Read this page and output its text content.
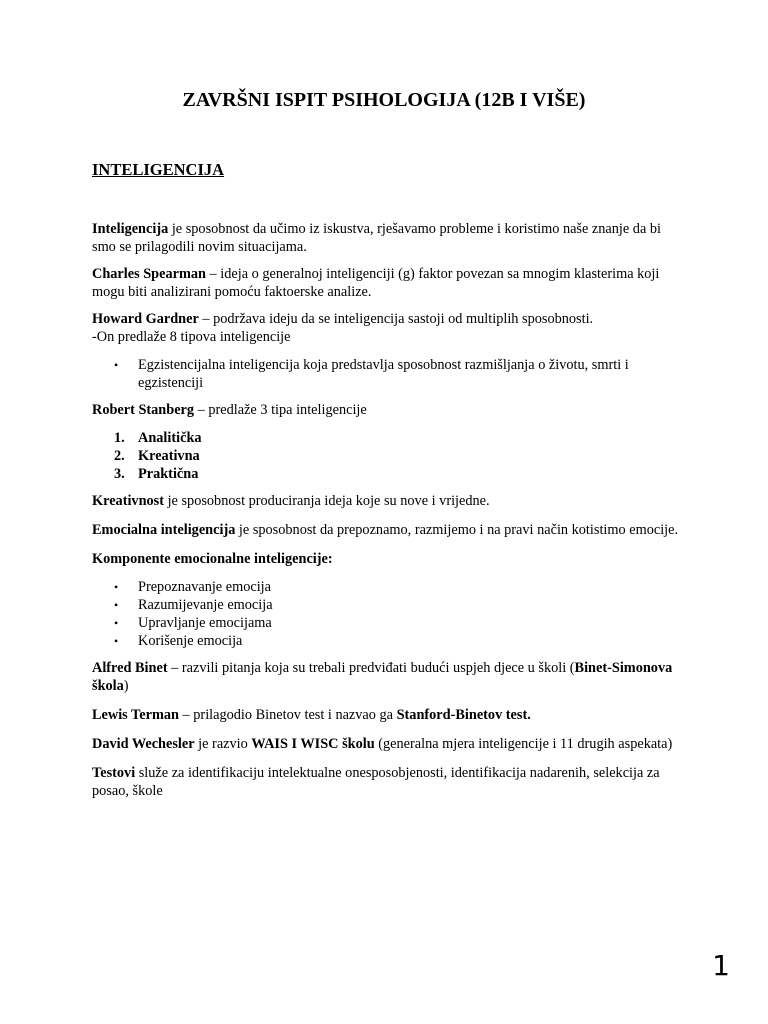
ZAVRŠNI ISPIT PSIHOLOGIJA (12B I VIŠE)
INTELIGENCIJA

Inteligencija je sposobnost da učimo iz iskustva, rješavamo probleme i koristimo naše znanje da bi smo se prilagodili novim situacijama.

Charles Spearman – ideja o generalnoj inteligenciji (g) faktor povezan sa mnogim klasterima koji mogu biti analizirani pomoću faktoerske analize.

Howard Gardner – podržava ideju da se inteligencija sastoji od multiplih sposobnosti.
-On predlaže 8 tipova inteligencije

• Egzistencijalna inteligencija koja predstavlja sposobnost razmišljanja o životu, smrti i egzistenciji

Robert Stanberg – predlaže 3 tipa inteligencije

1. Analitička
2. Kreativna
3. Praktična

Kreativnost je sposobnost produciranja ideja koje su nove i vrijedne.

Emocialna inteligencija je sposobnost da prepoznamo, razmijemo i na pravi način kotistimo emocije.

Komponente emocionalne inteligencije:

• Prepoznavanje emocija
• Razumijevanje emocija
• Upravljanje emocijama
• Korišenje emocija

Alfred Binet – razvili pitanja koja su trebali predviđati budući uspjeh djece u školi (Binet-Simonova škola)

Lewis Terman – prilagodio Binetov test i nazvao ga Stanford-Binetov test.

David Wechesler je razvio WAIS I WISC školu (generalna mjera inteligencije i 11 drugih aspekata)

Testovi služe za identifikaciju intelektualne onesposobjenosti, identifikacija nadarenih, selekcija za posao, škole

1
